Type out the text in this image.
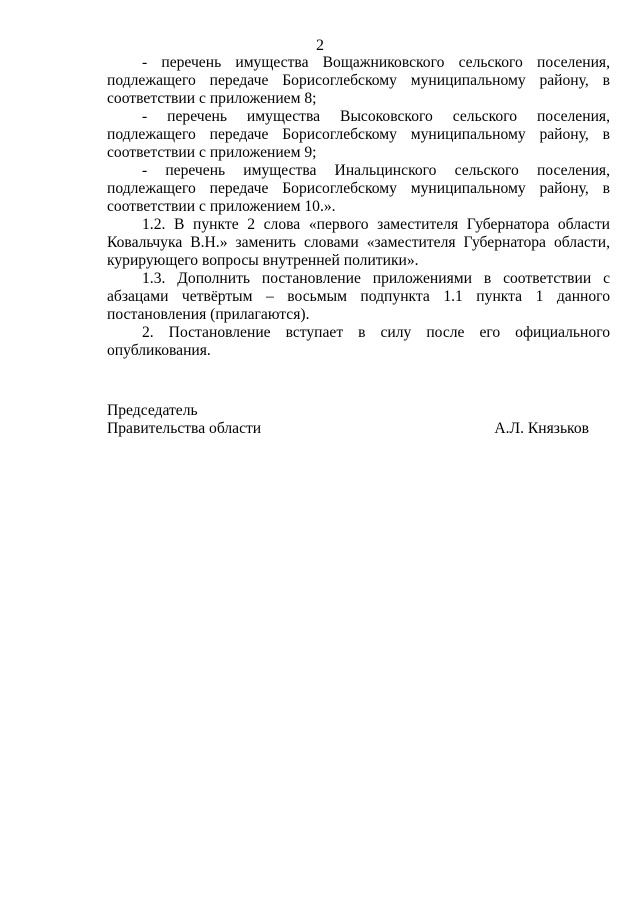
2

- перечень имущества Вощажниковского сельского поселения, подлежащего передаче Борисоглебскому муниципальному району, в соответствии с приложением 8;

- перечень имущества Высоковского сельского поселения, подлежащего передаче Борисоглебскому муниципальному району, в соответствии с приложением 9;

- перечень имущества Инальцинского сельского поселения, подлежащего передаче Борисоглебскому муниципальному району, в соответствии с приложением 10.».

1.2. В пункте 2 слова «первого заместителя Губернатора области Ковальчука В.Н.» заменить словами «заместителя Губернатора области, курирующего вопросы внутренней политики».

1.3. Дополнить постановление приложениями в соответствии с абзацами четвёртым – восьмым подпункта 1.1 пункта 1 данного постановления (прилагаются).

2. Постановление вступает в силу после его официального опубликования.

Председатель
Правительства области	А.Л. Князьков
